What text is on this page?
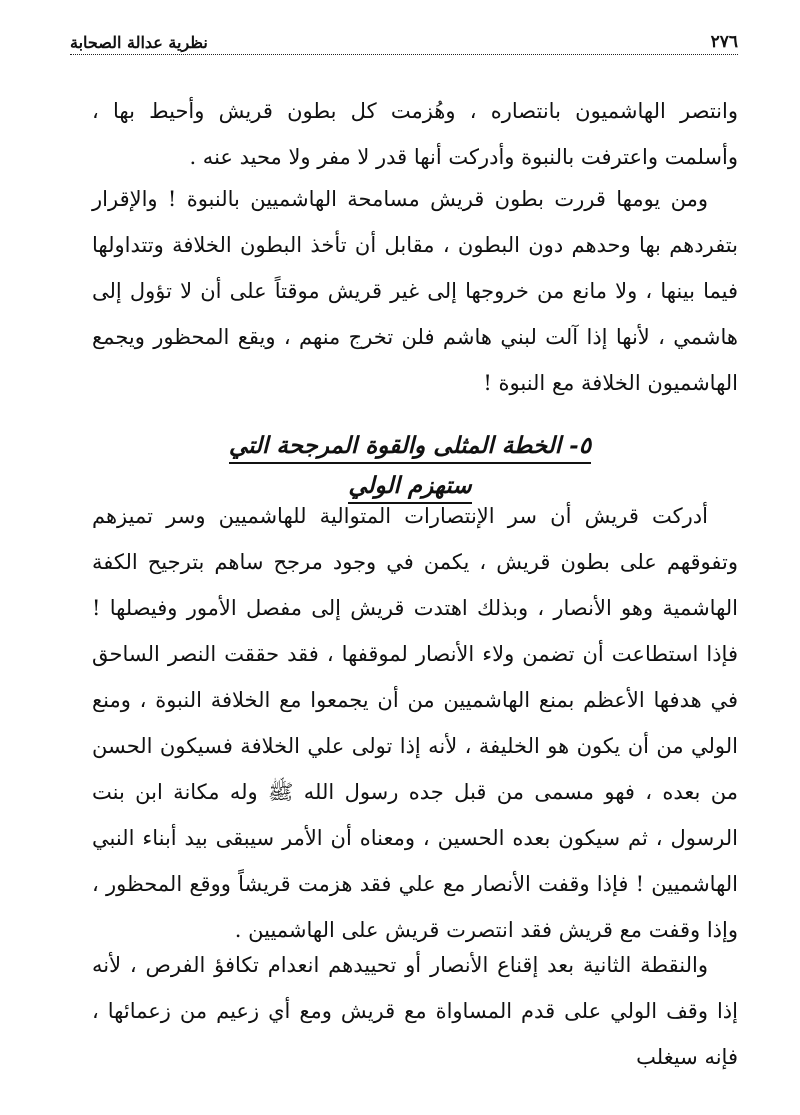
٢٧٦
نظرية عدالة الصحابة

وانتصر الهاشميون بانتصاره ، وهُزمت كل بطون قريش وأحيط بها ، وأسلمت واعترفت بالنبوة وأدركت أنها قدر لا مفر ولا محيد عنه .

ومن يومها قررت بطون قريش مسامحة الهاشميين بالنبوة ! والإقرار بتفردهم بها وحدهم دون البطون ، مقابل أن تأخذ البطون الخلافة وتتداولها فيما بينها ، ولا مانع من خروجها إلى غير قريش موقتاً على أن لا تؤول إلى هاشمي ، لأنها إذا آلت لبني هاشم فلن تخرج منهم ، ويقع المحظور ويجمع الهاشميون الخلافة مع النبوة !

٥- الخطة المثلى والقوة المرجحة التي ستهزم الولي

أدركت قريش أن سر الإنتصارات المتوالية للهاشميين وسر تميزهم وتفوقهم على بطون قريش ، يكمن في وجود مرجح ساهم بترجيح الكفة الهاشمية وهو الأنصار ، وبذلك اهتدت قريش إلى مفصل الأمور وفيصلها ! فإذا استطاعت أن تضمن ولاء الأنصار لموقفها ، فقد حققت النصر الساحق في هدفها الأعظم بمنع الهاشميين من أن يجمعوا مع الخلافة النبوة ، ومنع الولي من أن يكون هو الخليفة ، لأنه إذا تولى علي الخلافة فسيكون الحسن من بعده ، فهو مسمى من قبل جده رسول الله ﷺ وله مكانة ابن بنت الرسول ، ثم سيكون بعده الحسين ، ومعناه أن الأمر سيبقى بيد أبناء النبي الهاشميين ! فإذا وقفت الأنصار مع علي فقد هزمت قريشاً ووقع المحظور ، وإذا وقفت مع قريش فقد انتصرت قريش على الهاشميين .

والنقطة الثانية بعد إقناع الأنصار أو تحييدهم انعدام تكافؤ الفرص ، لأنه إذا وقف الولي على قدم المساواة مع قريش ومع أي زعيم من زعمائها ، فإنه سيغلب
